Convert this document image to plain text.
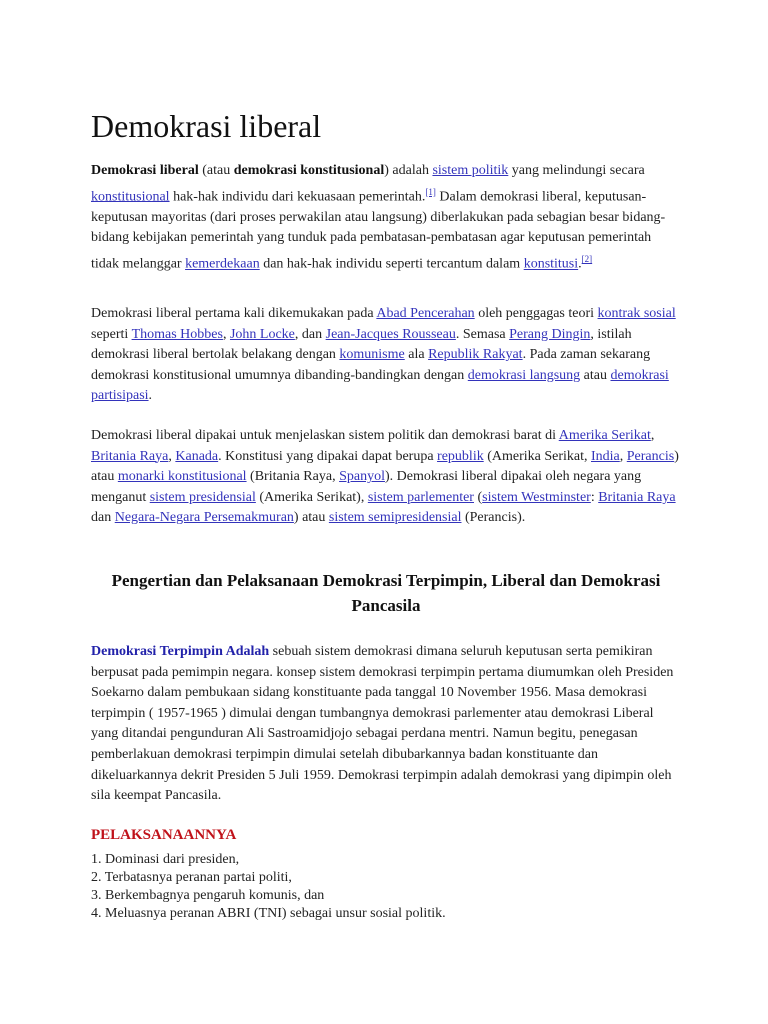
Demokrasi liberal

Demokrasi liberal (atau demokrasi konstitusional) adalah sistem politik yang melindungi secara konstitusional hak-hak individu dari kekuasaan pemerintah.[1] Dalam demokrasi liberal, keputusan-keputusan mayoritas (dari proses perwakilan atau langsung) diberlakukan pada sebagian besar bidang-bidang kebijakan pemerintah yang tunduk pada pembatasan-pembatasan agar keputusan pemerintah tidak melanggar kemerdekaan dan hak-hak individu seperti tercantum dalam konstitusi.[2]

Demokrasi liberal pertama kali dikemukakan pada Abad Pencerahan oleh penggagas teori kontrak sosial seperti Thomas Hobbes, John Locke, dan Jean-Jacques Rousseau. Semasa Perang Dingin, istilah demokrasi liberal bertolak belakang dengan komunisme ala Republik Rakyat. Pada zaman sekarang demokrasi konstitusional umumnya dibanding-bandingkan dengan demokrasi langsung atau demokrasi partisipasi.

Demokrasi liberal dipakai untuk menjelaskan sistem politik dan demokrasi barat di Amerika Serikat, Britania Raya, Kanada. Konstitusi yang dipakai dapat berupa republik (Amerika Serikat, India, Perancis) atau monarki konstitusional (Britania Raya, Spanyol). Demokrasi liberal dipakai oleh negara yang menganut sistem presidensial (Amerika Serikat), sistem parlementer (sistem Westminster: Britania Raya dan Negara-Negara Persemakmuran) atau sistem semipresidensial (Perancis).

Pengertian dan Pelaksanaan Demokrasi Terpimpin, Liberal dan Demokrasi Pancasila

Demokrasi Terpimpin Adalah sebuah sistem demokrasi dimana seluruh keputusan serta pemikiran berpusat pada pemimpin negara. konsep sistem demokrasi terpimpin pertama diumumkan oleh Presiden Soekarno dalam pembukaan sidang konstituante pada tanggal 10 November 1956. Masa demokrasi terpimpin ( 1957-1965 ) dimulai dengan tumbangnya demokrasi parlementer atau demokrasi Liberal yang ditandai pengunduran Ali Sastroamidjojo sebagai perdana mentri. Namun begitu, penegasan pemberlakuan demokrasi terpimpin dimulai setelah dibubarkannya badan konstituante dan dikeluarkannya dekrit Presiden 5 Juli 1959. Demokrasi terpimpin adalah demokrasi yang dipimpin oleh sila keempat Pancasila.

PELAKSANAANNYA

1. Dominasi dari presiden,
2. Terbatasnya peranan partai politi,
3. Berkembagnya pengaruh komunis, dan
4. Meluasnya peranan ABRI (TNI) sebagai unsur sosial politik.
